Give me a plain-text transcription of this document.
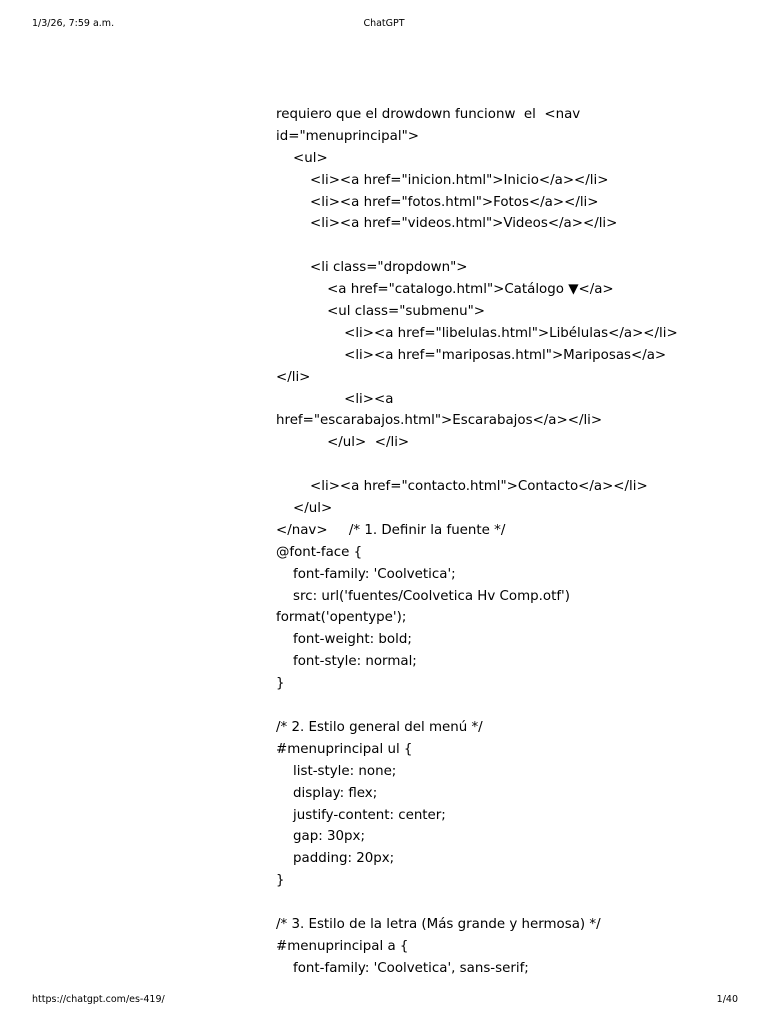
1/3/26, 7:59 a.m.	ChatGPT
requiero que el drowdown funcionw  el  <nav
id="menuprincipal">
<ul>
<li><a href="inicion.html">Inicio</a></li>
<li><a href="fotos.html">Fotos</a></li>
<li><a href="videos.html">Videos</a></li>
<li class="dropdown">
<a href="catalogo.html">Catálogo ▼</a>
<ul class="submenu">
<li><a href="libelulas.html">Libélulas</a></li>
<li><a href="mariposas.html">Mariposas</a>
</li>
<li><a
href="escarabajos.html">Escarabajos</a></li>
</ul>  </li>
<li><a href="contacto.html">Contacto</a></li>
</ul>
</nav>     /* 1. Definir la fuente */
@font-face {
font-family: 'Coolvetica';
src: url('fuentes/Coolvetica Hv Comp.otf')
format('opentype');
font-weight: bold;
font-style: normal;
}
/* 2. Estilo general del menú */
#menuprincipal ul {
list-style: none;
display: flex;
justify-content: center;
gap: 30px;
padding: 20px;
}
/* 3. Estilo de la letra (Más grande y hermosa) */
#menuprincipal a {
font-family: 'Coolvetica', sans-serif;
https://chatgpt.com/es-419/	1/40
